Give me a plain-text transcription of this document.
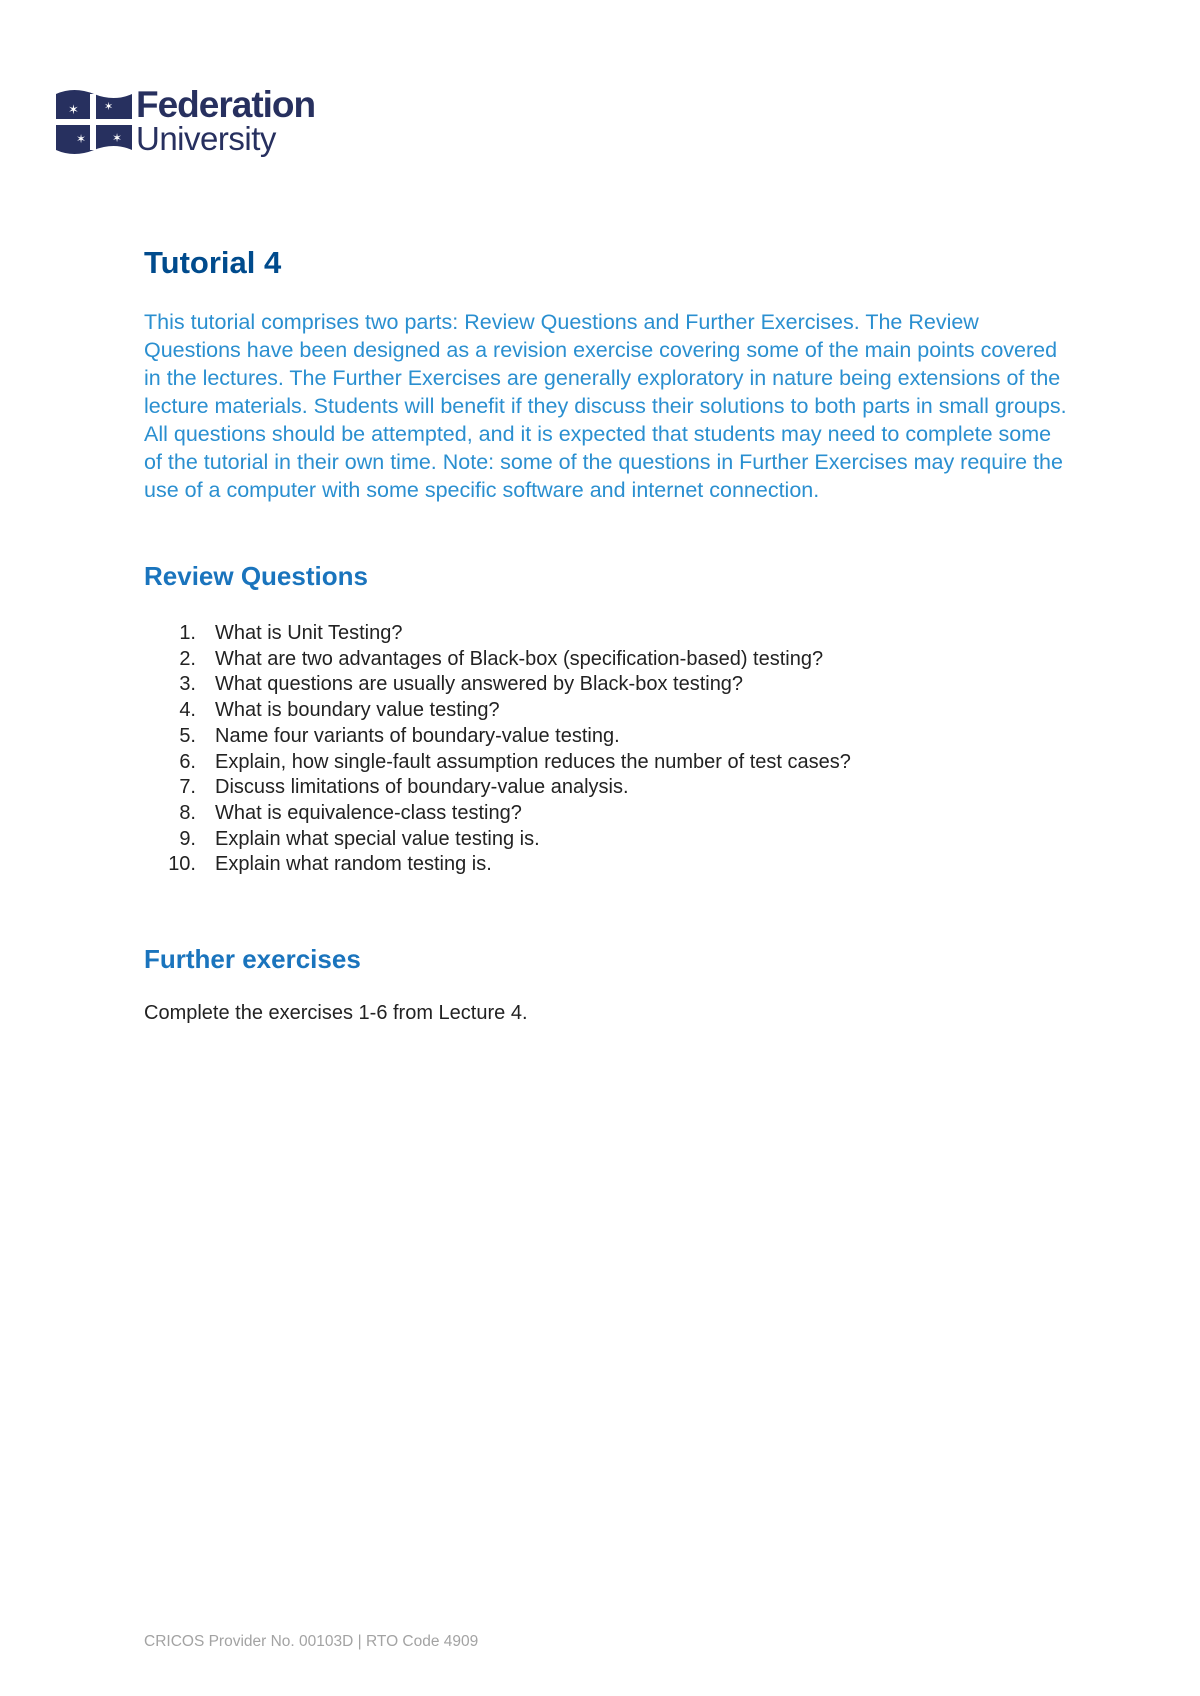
✶
✶
✶
✶
Federation
University
Tutorial 4

This tutorial comprises two parts: Review Questions and Further Exercises. The Review Questions have been designed as a revision exercise covering some of the main points covered in the lectures. The Further Exercises are generally exploratory in nature being extensions of the lecture materials. Students will benefit if they discuss their solutions to both parts in small groups. All questions should be attempted, and it is expected that students may need to complete some of the tutorial in their own time. Note: some of the questions in Further Exercises may require the use of a computer with some specific software and internet connection.

Review Questions
1. What is Unit Testing?
2. What are two advantages of Black-box (specification-based) testing?
3. What questions are usually answered by Black-box testing?
4. What is boundary value testing?
5. Name four variants of boundary-value testing.
6. Explain, how single-fault assumption reduces the number of test cases?
7. Discuss limitations of boundary-value analysis.
8. What is equivalence-class testing?
9. Explain what special value testing is.
10. Explain what random testing is.
Further exercises

Complete the exercises 1-6 from Lecture 4.

CRICOS Provider No. 00103D | RTO Code 4909
